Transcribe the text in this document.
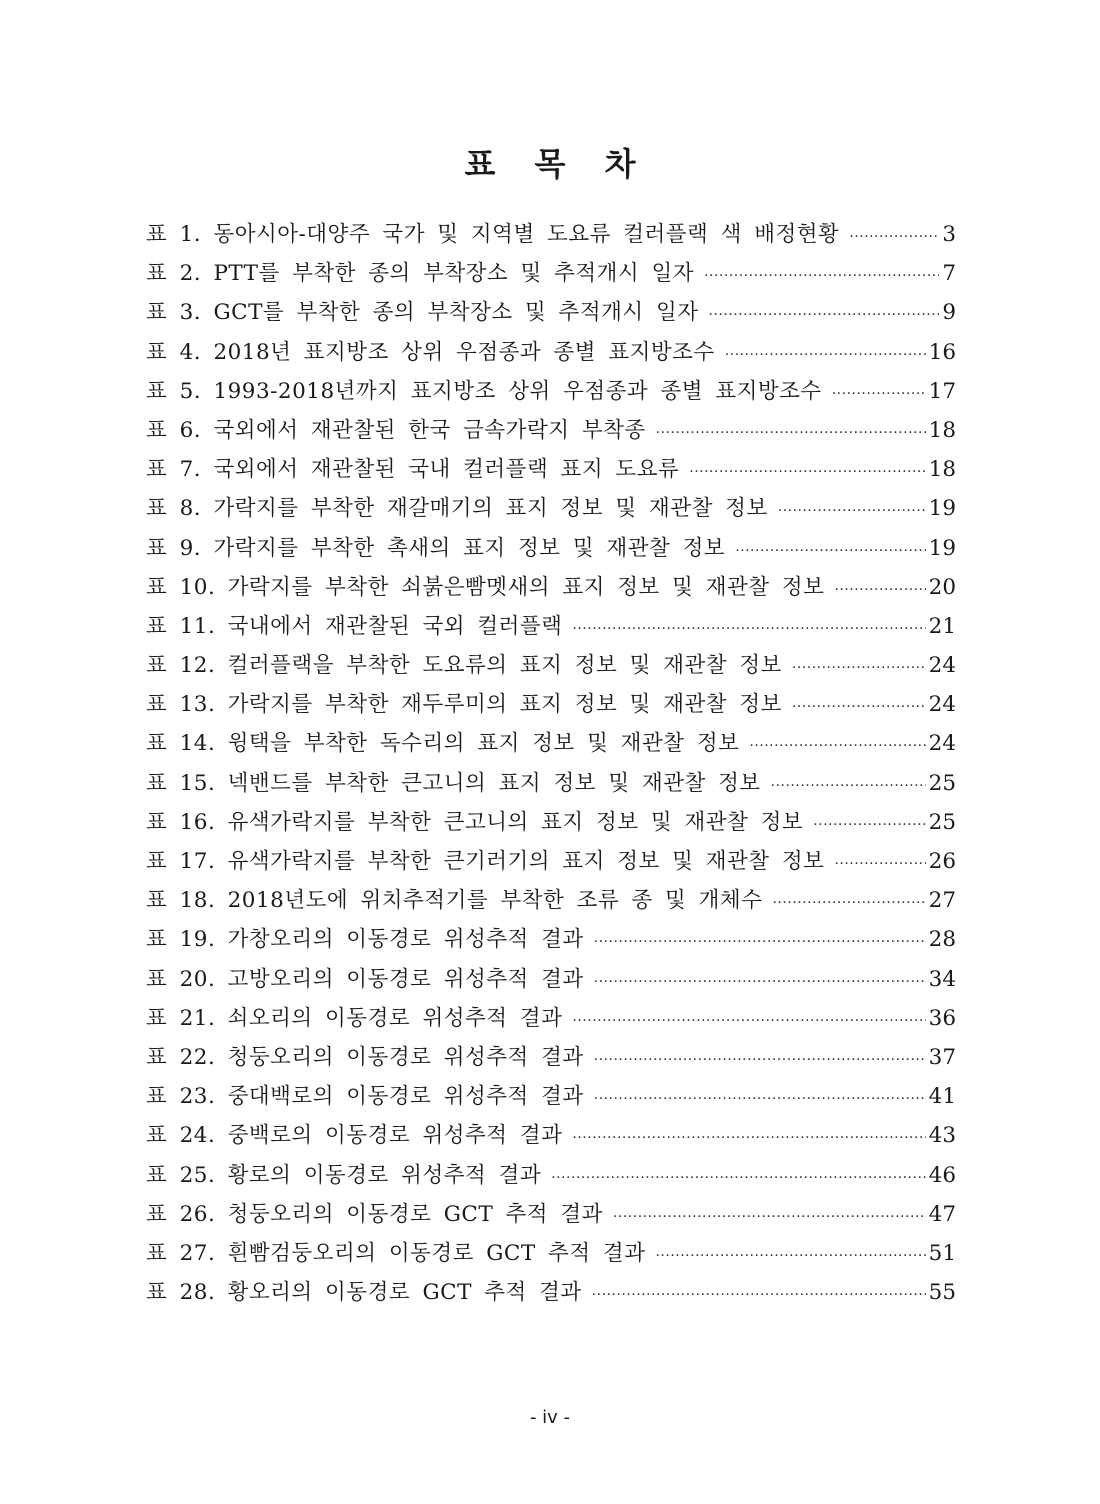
표 목 차
표 1. 동아시아-대양주 국가 및 지역별 도요류 컬러플랙 색 배정현황 ·····	3
표 2. PTT를 부착한 종의 부착장소 및 추적개시 일자 ·····	7
표 3. GCT를 부착한 종의 부착장소 및 추적개시 일자 ·····	9
표 4. 2018년 표지방조 상위 우점종과 종별 표지방조수 ·····	16
표 5. 1993-2018년까지 표지방조 상위 우점종과 종별 표지방조수 ·····	17
표 6. 국외에서 재관찰된 한국 금속가락지 부착종 ·····	18
표 7. 국외에서 재관찰된 국내 컬러플랙 표지 도요류 ·····	18
표 8. 가락지를 부착한 재갈매기의 표지 정보 및 재관찰 정보 ·····	19
표 9. 가락지를 부착한 촉새의 표지 정보 및 재관찰 정보 ·····	19
표 10. 가락지를 부착한 쇠붉은빰멧새의 표지 정보 및 재관찰 정보 ·····	20
표 11. 국내에서 재관찰된 국외 컬러플랙 ·····	21
표 12. 컬러플랙을 부착한 도요류의 표지 정보 및 재관찰 정보 ·····	24
표 13. 가락지를 부착한 재두루미의 표지 정보 및 재관찰 정보 ·····	24
표 14. 윙택을 부착한 독수리의 표지 정보 및 재관찰 정보 ·····	24
표 15. 넥밴드를 부착한 큰고니의 표지 정보 및 재관찰 정보 ·····	25
표 16. 유색가락지를 부착한 큰고니의 표지 정보 및 재관찰 정보 ·····	25
표 17. 유색가락지를 부착한 큰기러기의 표지 정보 및 재관찰 정보 ·····	26
표 18. 2018년도에 위치추적기를 부착한 조류 종 및 개체수 ·····	27
표 19. 가창오리의 이동경로 위성추적 결과 ·····	28
표 20. 고방오리의 이동경로 위성추적 결과 ·····	34
표 21. 쇠오리의 이동경로 위성추적 결과 ·····	36
표 22. 청둥오리의 이동경로 위성추적 결과 ·····	37
표 23. 중대백로의 이동경로 위성추적 결과 ·····	41
표 24. 중백로의 이동경로 위성추적 결과 ·····	43
표 25. 황로의 이동경로 위성추적 결과 ·····	46
표 26. 청둥오리의 이동경로 GCT 추적 결과 ·····	47
표 27. 흰빰검둥오리의 이동경로 GCT 추적 결과 ·····	51
표 28. 황오리의 이동경로 GCT 추적 결과 ·····	55
- iv -
